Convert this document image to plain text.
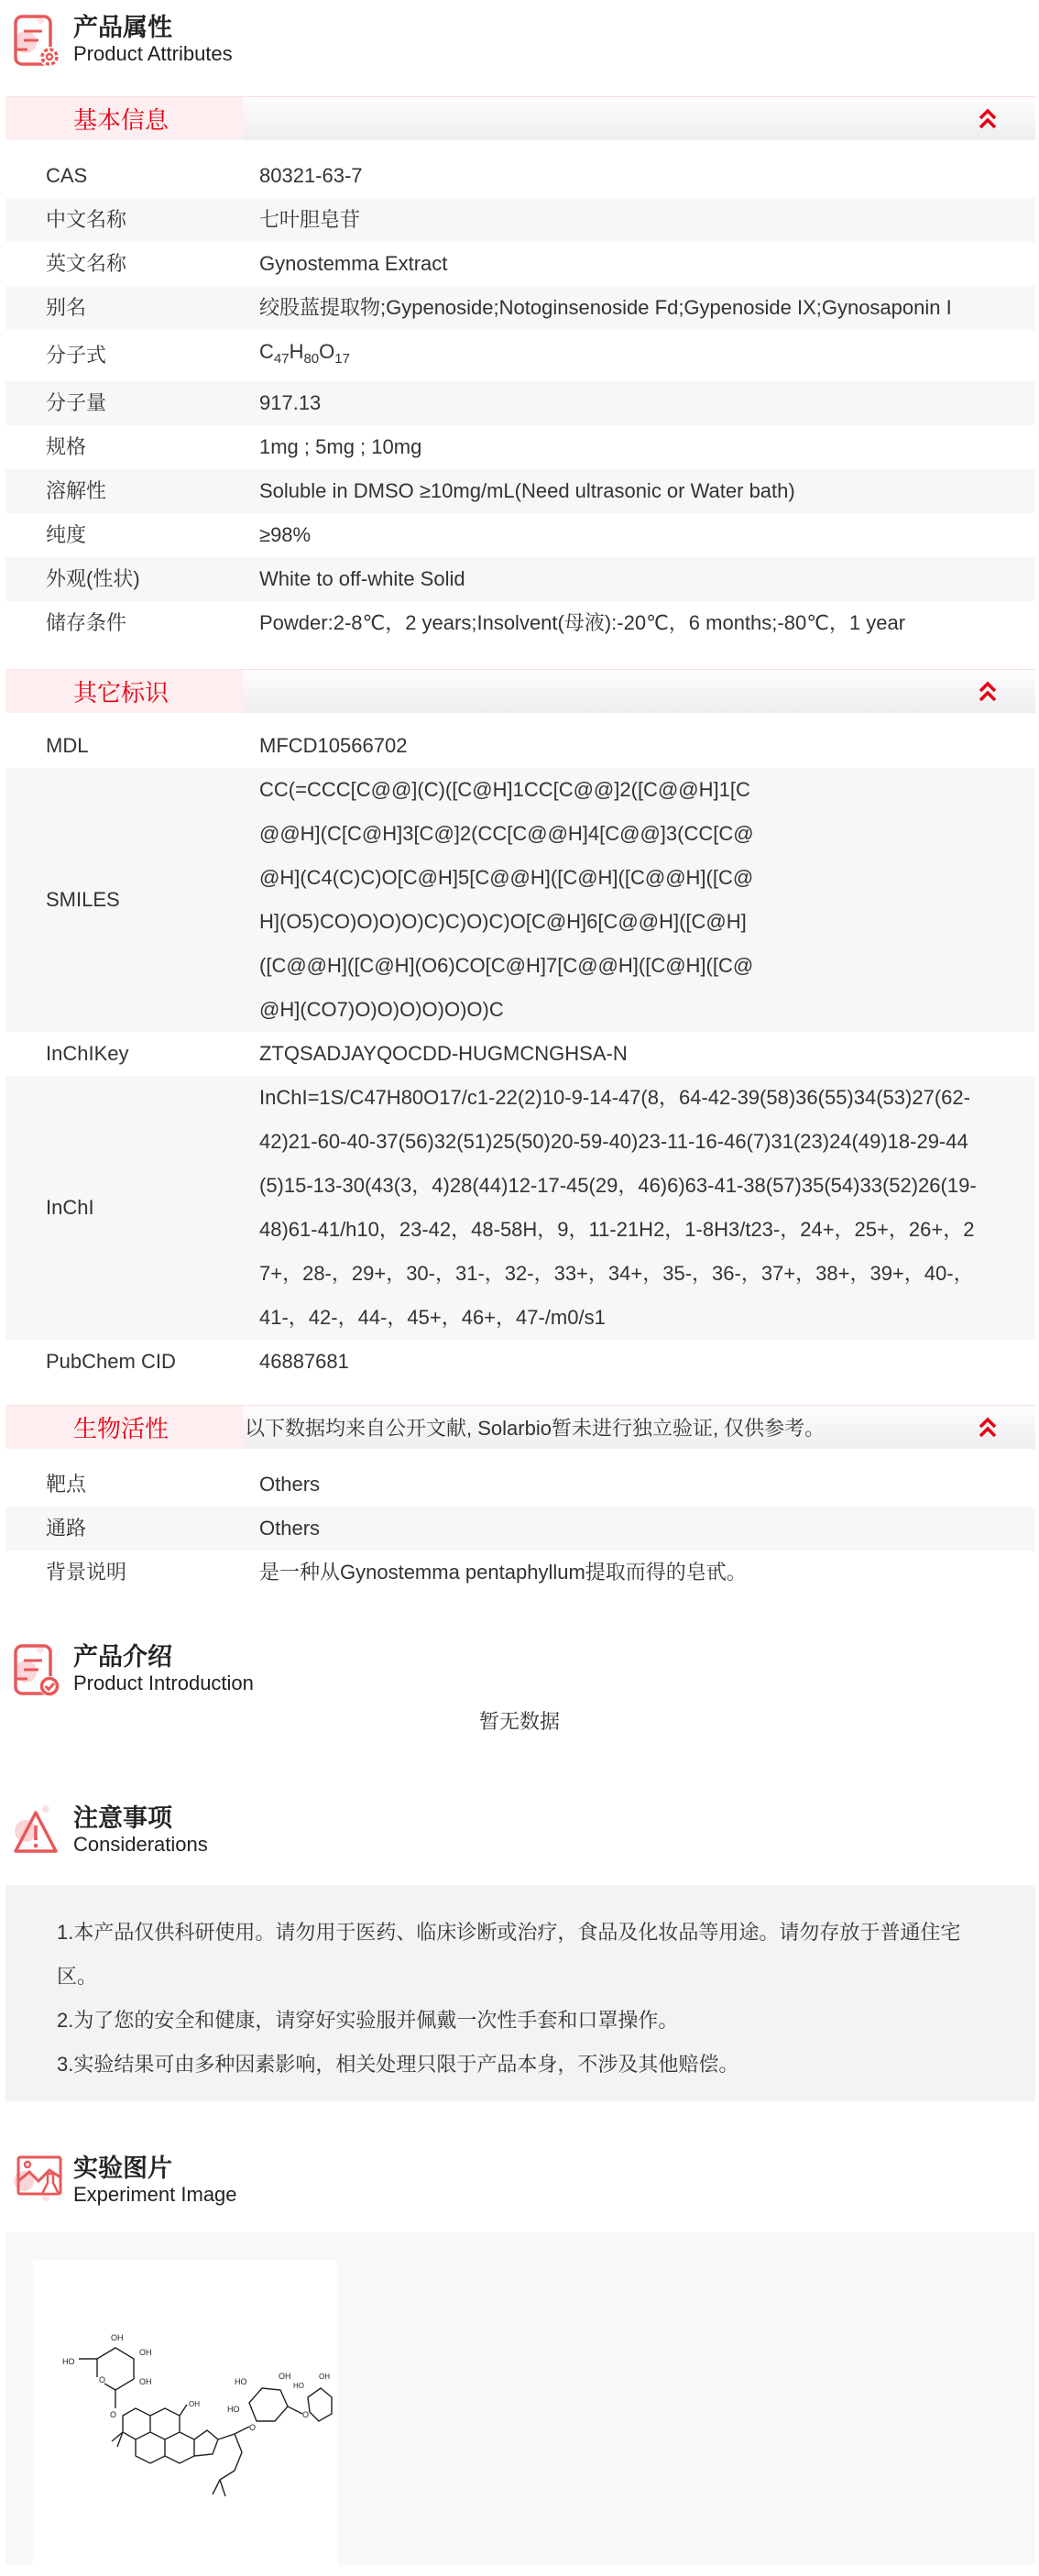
产品属性
Product Attributes
基本信息
CAS	80321-63-7
中文名称	七叶胆皂苷
英文名称	Gynostemma Extract
别名	绞股蓝提取物;Gypenoside;Notoginsenoside Fd;Gypenoside IX;Gynosaponin I
分子式	$C_{47}H_{80}O_{17}$
分子量	917.13
规格	1mg ; 5mg ; 10mg
溶解性	Soluble in DMSO ≥10mg/mL(Need ultrasonic or Water bath)
纯度	≥98%
外观(性状)	White to off-white Solid
储存条件	Powder:2-8℃，2 years;Insolvent(母液):-20℃，6 months;-80℃，1 year
其它标识
MDL	MFCD10566702
SMILES
CC(=CCC[C@@](C)([C@H]1CC[C@@]2([C@@H]1[C@@H](C[C@H]3[C@]2(CC[C@@H]4[C@@]3(CC[C@@H](C4(C)C)O[C@H]5[C@@H]([C@H]([C@@H]([C@H](O5)CO)O)O)O)C)C)O)C)O[C@H]6[C@@H]([C@H]([C@@H]([C@H](O6)CO[C@H]7[C@@H]([C@H]([C@@H](CO7)O)O)O)O)O)O)C
InChIKey	ZTQSADJAYQOCDD-HUGMCNGHSA-N
InChI
InChI=1S/C47H80O17/c1-22(2)10-9-14-47(8，64-42-39(58)36(55)34(53)27(62-42)21-60-40-37(56)32(51)25(50)20-59-40)23-11-16-46(7)31(23)24(49)18-29-44(5)15-13-30(43(3，4)28(44)12-17-45(29，46)6)63-41-38(57)35(54)33(52)26(19-48)61-41/h10，23-42，48-58H，9，11-21H2，1-8H3/t23-，24+，25+，26+，27+，28-，29+，30-，31-，32-，33+，34+，35-，36-，37+，38+，39+，40-，41-，42-，44-，45+，46+，47-/m0/s1
PubChem CID	46887681
生物活性	以下数据均来自公开文献, Solarbio暂未进行独立验证, 仅供参考。
靶点	Others
通路	Others
背景说明	是一种从Gynostemma pentaphyllum提取而得的皂甙。
产品介绍
Product Introduction
暂无数据
注意事项
Considerations

1.本产品仅供科研使用。请勿用于医药、临床诊断或治疗，食品及化妆品等用途。请勿存放于普通住宅区。

2.为了您的安全和健康，请穿好实验服并佩戴一次性手套和口罩操作。

3.实验结果可由多种因素影响，相关处理只限于产品本身，不涉及其他赔偿。

实验图片
Experiment Image
HO
OH
OH
OH
O
O
OH
O
HO
OH
HO
O
HO
OH
